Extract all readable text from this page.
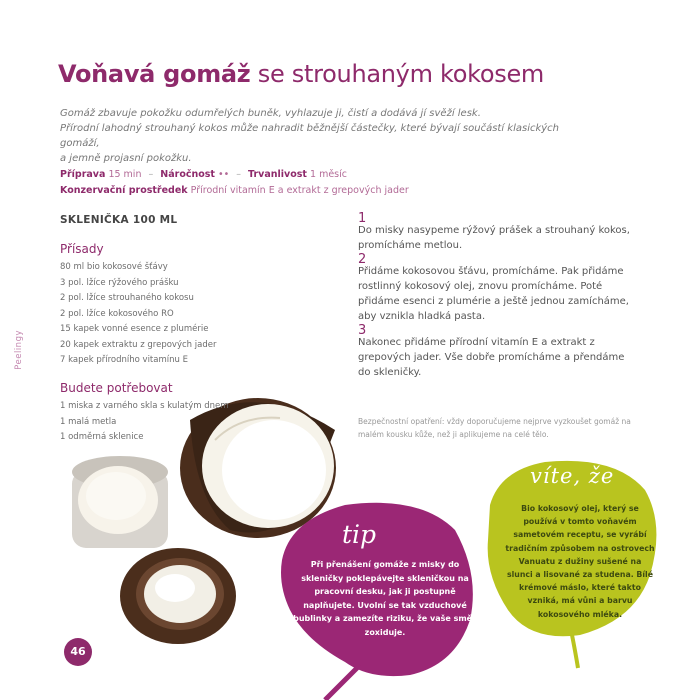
Voňavá gomáž se strouhaným kokosem

Gomáž zbavuje pokožku odumřelých buněk, vyhlazuje ji, čistí a dodává jí svěží lesk.

Přírodní lahodný strouhaný kokos může nahradit běžnější částečky, které bývají součástí klasických gomáží,

a jemně projasní pokožku.

Příprava 15 min – Náročnost •• – Trvanlivost 1 měsíc
Konzervační prostředek Přírodní vitamín E a extrakt z grepových jader
SKLENIČKA 100 ML
Peelingy
Přísady
80 ml bio kokosové šťávy
3 pol. lžíce rýžového prášku
2 pol. lžíce strouhaného kokosu
2 pol. lžíce kokosového RO
15 kapek vonné esence z plumérie
20 kapek extraktu z grepových jader
7 kapek přírodního vitamínu E
Budete potřebovat
1 miska z varného skla s kulatým dnem
1 malá metla
1 odměrná sklenice
1
Do misky nasypeme rýžový prášek a strouhaný kokos, promícháme metlou.
2
Přidáme kokosovou šťávu, promícháme. Pak přidáme rostlinný kokosový olej, znovu promícháme. Poté přidáme esenci z plumérie a ještě jednou zamícháme, aby vznikla hladká pasta.
3
Nakonec přidáme přírodní vitamín E a extrakt z grepových jader. Vše dobře promícháme a přendáme do skleničky.
Bezpečnostní opatření: vždy doporučujeme nejprve vyzkoušet gomáž na malém kousku kůže, než ji aplikujeme na celé tělo.
tip
Při přenášení gomáže z misky do skleničky poklepávejte skleničkou na pracovní desku, jak ji postupně naplňujete. Uvolní se tak vzduchové bublinky a zamezíte riziku, že vaše směs zoxiduje.
víte, že
Bio kokosový olej, který se používá v tomto voňavém sametovém receptu, se vyrábí tradičním způsobem na ostrovech Vanuatu z dužiny sušené na slunci a lisované za studena. Bílé krémové máslo, které takto vzniká, má vůni a barvu kokosového mléka.
46
